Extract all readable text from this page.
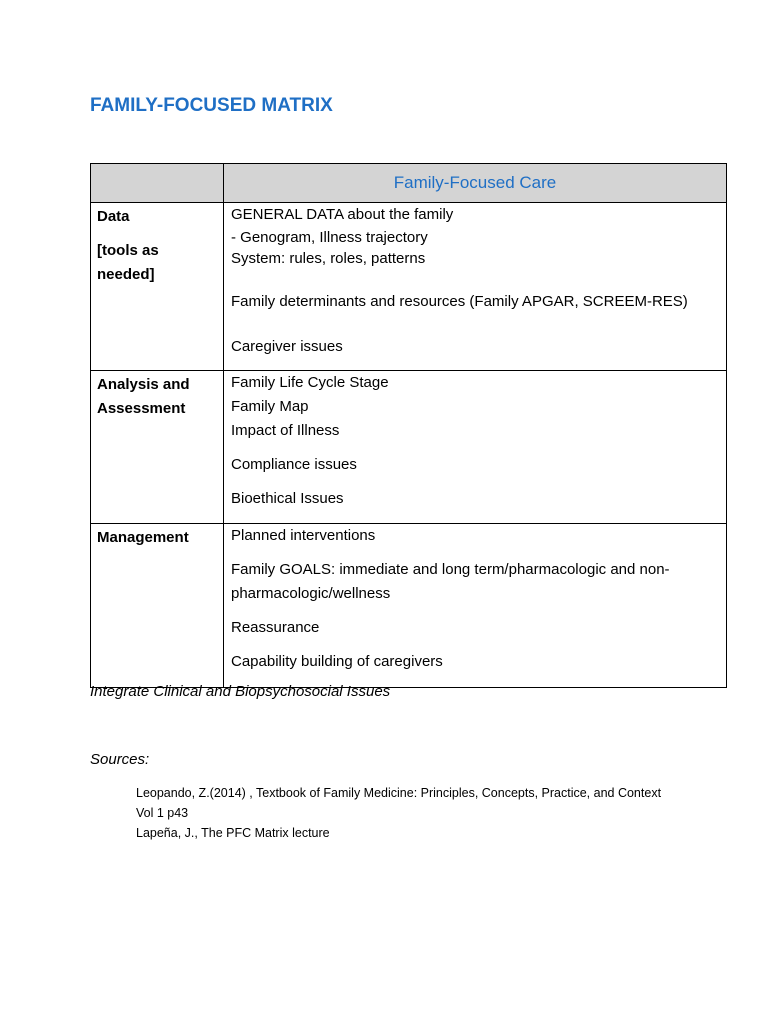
FAMILY-FOCUSED MATRIX
	Family-Focused Care

Data
[tools as
needed]	GENERAL DATA about the family
- Genogram, Illness trajectory
System: rules, roles, patterns
Family determinants and resources (Family APGAR, SCREEM-RES)
Caregiver issues

Analysis and
Assessment	Family Life Cycle Stage
Family Map
Impact of Illness
Compliance issues
Bioethical Issues

Management	Planned interventions
Family GOALS: immediate and long term/pharmacologic and non-
pharmacologic/wellness
Reassurance
Capability building of caregivers
Integrate Clinical and Biopsychosocial Issues
Sources:
Leopando, Z.(2014) , Textbook of Family Medicine: Principles, Concepts, Practice, and Context
Vol 1 p43
Lapeña, J., The PFC Matrix lecture
